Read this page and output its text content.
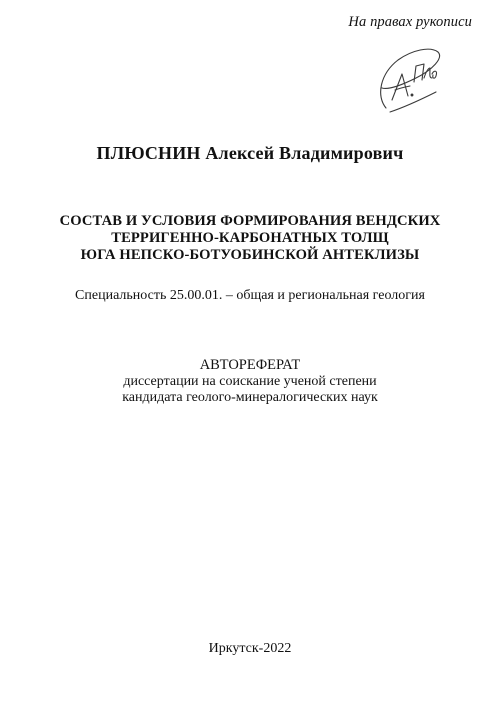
На правах рукописи
ПЛЮСНИН Алексей Владимирович
СОСТАВ И УСЛОВИЯ ФОРМИРОВАНИЯ ВЕНДСКИХ
ТЕРРИГЕННО-КАРБОНАТНЫХ ТОЛЩ
ЮГА НЕПСКО-БОТУОБИНСКОЙ АНТЕКЛИЗЫ
Специальность 25.00.01. – общая и региональная геология
АВТОРЕФЕРАТ
диссертации на соискание ученой степени
кандидата геолого-минералогических наук
Иркутск-2022
